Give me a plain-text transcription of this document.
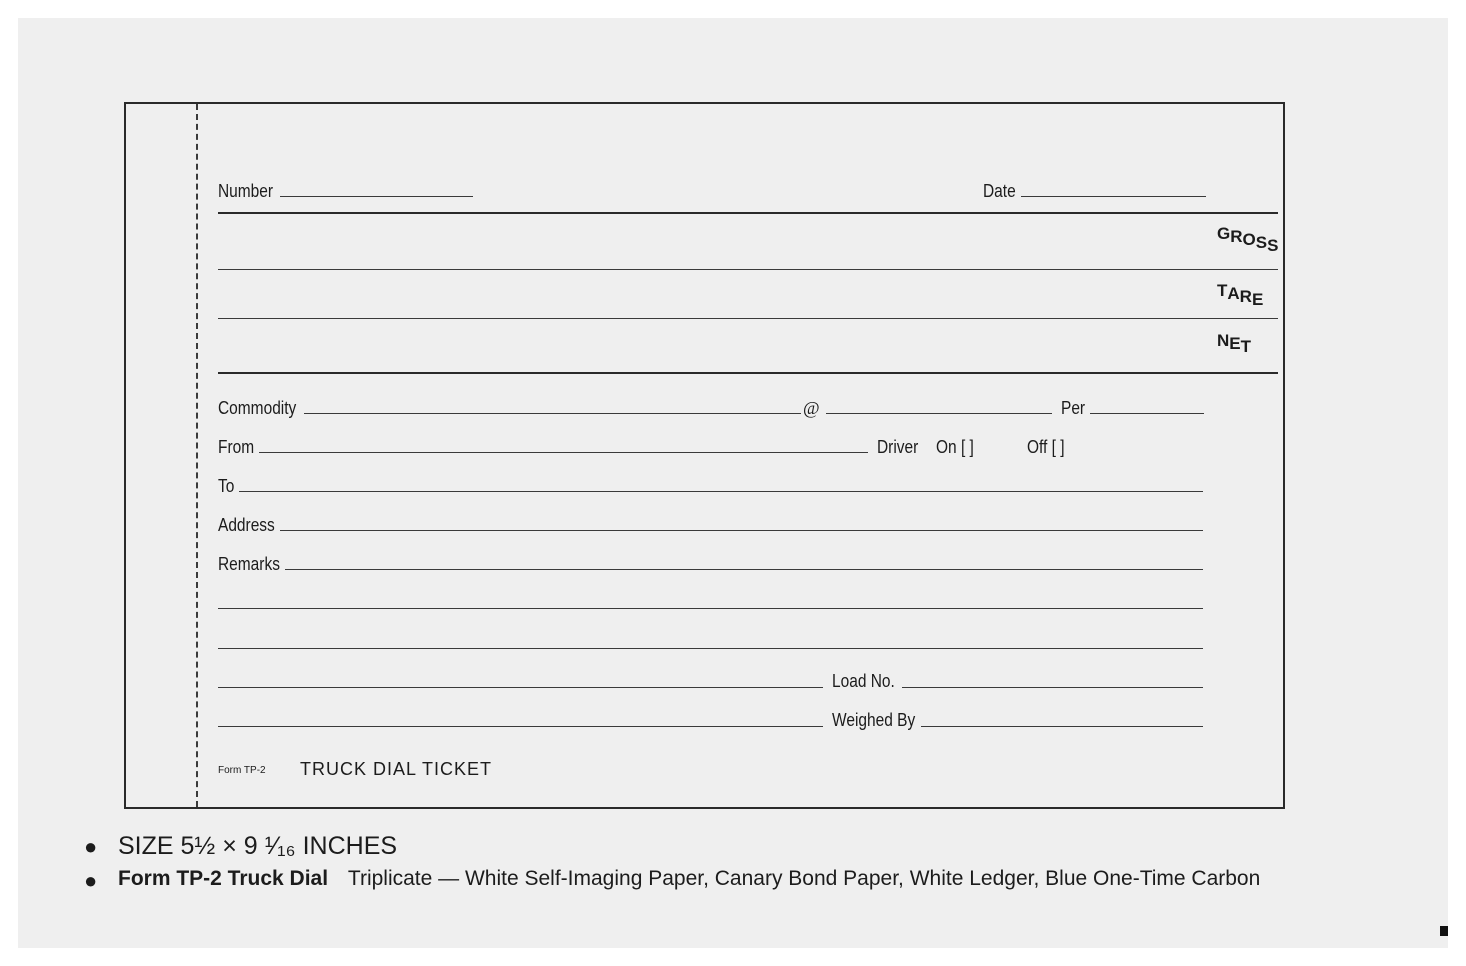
Number	Date
GROSS
TARE
NET
Commodity	@	Per
From	Driver On [ ]	Off [ ]
To
Address
Remarks
Load No.
Weighed By
Form TP-2 TRUCK DIAL TICKET
● SIZE 5½ × 9 ¹⁄₁₆ INCHES
● Form TP-2 Truck Dial Triplicate — White Self-Imaging Paper, Canary Bond Paper, White Ledger, Blue One-Time Carbon
